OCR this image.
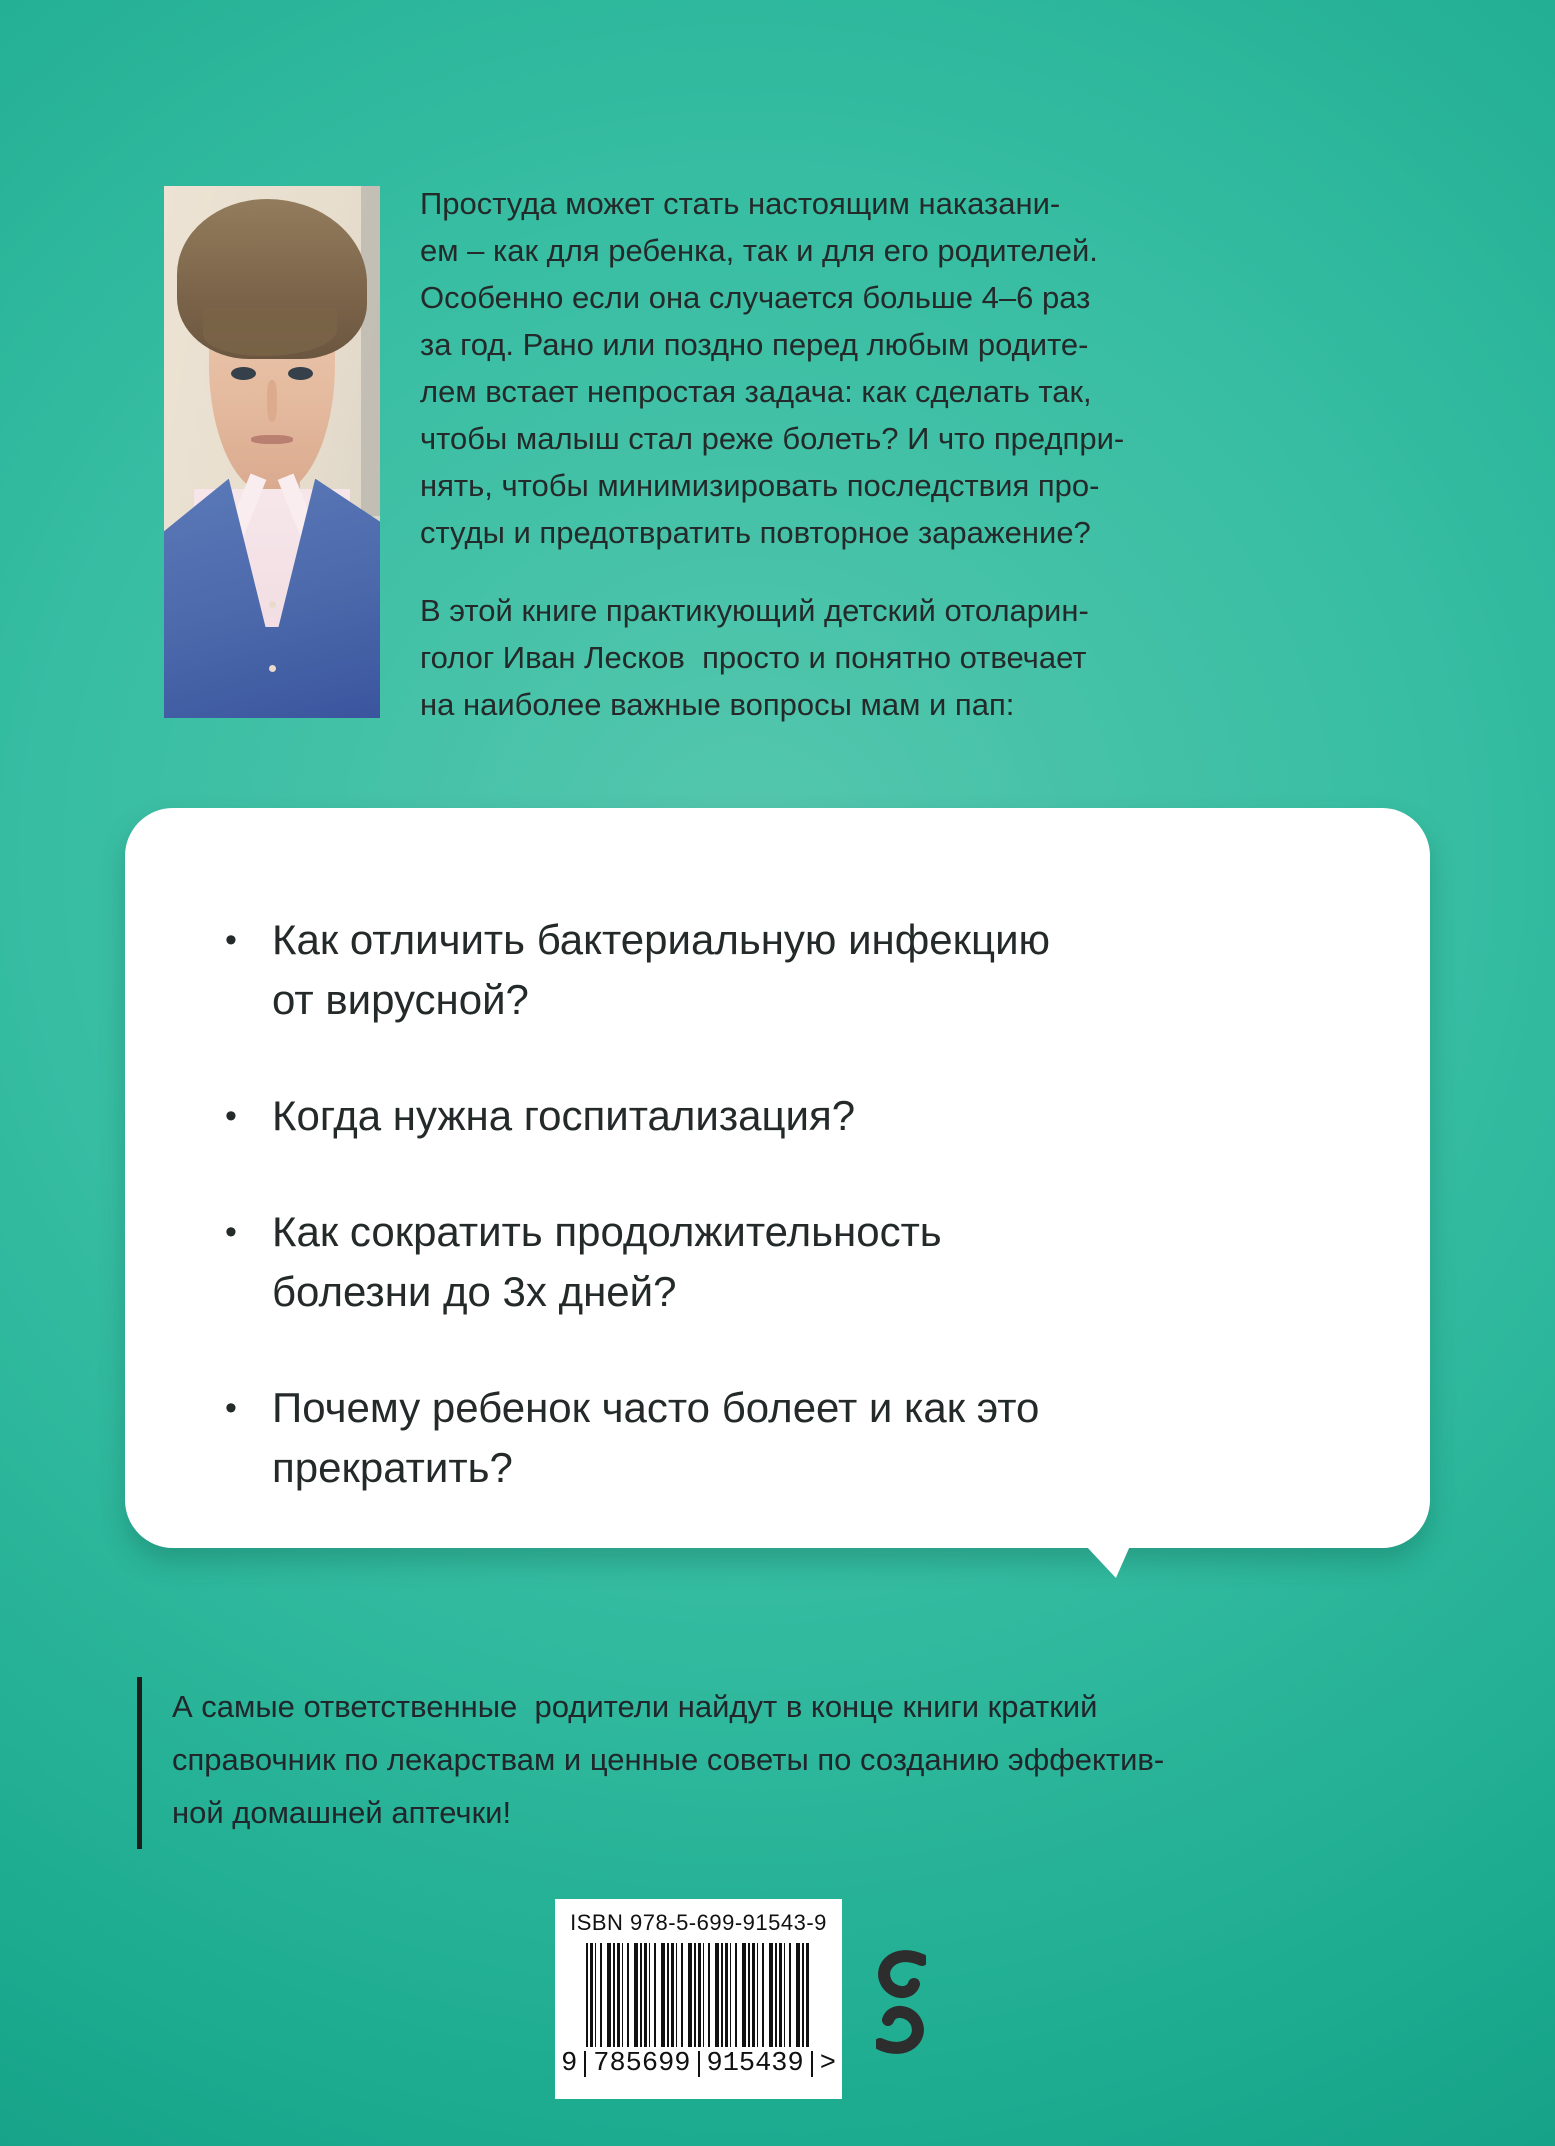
Простуда может стать настоящим наказани-
ем – как для ребенка, так и для его родителей.
Особенно если она случается больше 4–6 раз
за год. Рано или поздно перед любым родите-
лем встает непростая задача: как сделать так,
чтобы малыш стал реже болеть? И что предпри-
нять, чтобы минимизировать последствия про-
студы и предотвратить повторное заражение?
В этой книге практикующий детский отоларин-
голог Иван Лесков  просто и понятно отвечает
на наиболее важные вопросы мам и пап:
• Как отличить бактериальную инфекцию
от вирусной?
• Когда нужна госпитализация?
• Как сократить продолжительность
болезни до 3х дней?
• Почему ребенок часто болеет и как это
прекратить?
А самые ответственные  родители найдут в конце книги краткий
справочник по лекарствам и ценные советы по созданию эффектив-
ной домашней аптечки!
ISBN 978-5-699-91543-9
9 785699 915439 >
